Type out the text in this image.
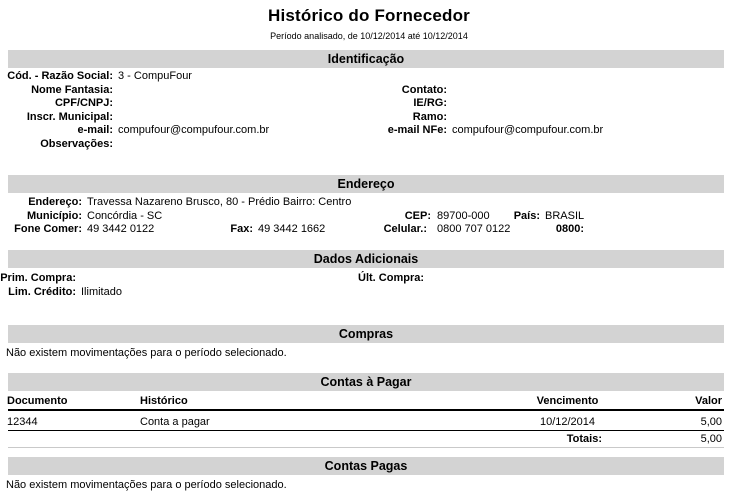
Histórico do Fornecedor
Período analisado, de 10/12/2014 até 10/12/2014
Identificação
Cód. - Razão Social: 3 - CompuFour
Nome Fantasia:	Contato:
CPF/CNPJ:	IE/RG:
Inscr. Municipal:	Ramo:
e-mail: compufour@compufour.com.br	e-mail NFe: compufour@compufour.com.br
Observações:
Endereço
Endereço: Travessa Nazareno Brusco, 80 - Prédio Bairro: Centro
Município: Concórdia - SC	CEP: 89700-000	País: BRASIL
Fone Comer: 49 3442 0122	Fax: 49 3442 1662	Celular.: 0800 707 0122	0800:
Dados Adicionais
Prim. Compra:	Últ. Compra:
Lim. Crédito: Ilimitado
Compras
Não existem movimentações para o período selecionado.
Contas à Pagar
Documento	Histórico	Vencimento	Valor
12344	Conta a pagar	10/12/2014	5,00
Totais:	5,00
Contas Pagas
Não existem movimentações para o período selecionado.
